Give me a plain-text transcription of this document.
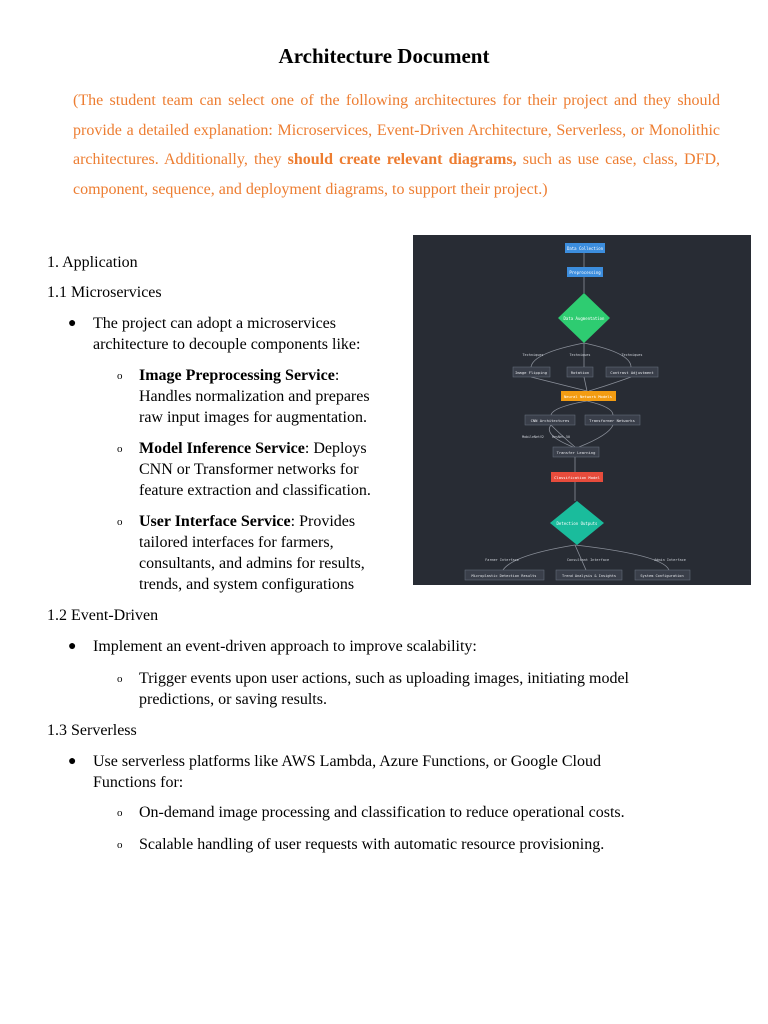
Architecture Document
(The student team can select one of the following architectures for their project and they should provide a detailed explanation: Microservices, Event-Driven Architecture, Serverless, or Monolithic architectures. Additionally, they should create relevant diagrams, such as use case, class, DFD, component, sequence, and deployment diagrams, to support their project.)
1. Application
1.1 Microservices
● The project can adopt a microservices
architecture to decouple components like:
o Image Preprocessing Service:
Handles normalization and prepares
raw input images for augmentation.
o Model Inference Service: Deploys
CNN or Transformer networks for
feature extraction and classification.
o User Interface Service: Provides
tailored interfaces for farmers,
consultants, and admins for results,
trends, and system configurations
1.2 Event-Driven
● Implement an event-driven approach to improve scalability:
o Trigger events upon user actions, such as uploading images, initiating model
predictions, or saving results.
1.3 Serverless
● Use serverless platforms like AWS Lambda, Azure Functions, or Google Cloud
Functions for:
o On-demand image processing and classification to reduce operational costs.
o Scalable handling of user requests with automatic resource provisioning.
Data Collection
Preprocessing
Data Augmentation
Techniques	Techniques	Techniques
Image Flipping	Rotation	Contrast Adjustment
Neural Network Models
CNN Architectures	Transformer Networks
MobileNetV2 ResNet-50
Transfer Learning
Classification Model
Detection Outputs
Farmer Interface	Consultant Interface	Admin Interface
Microplastic Detection Results	Trend Analysis & Insights	System Configuration
